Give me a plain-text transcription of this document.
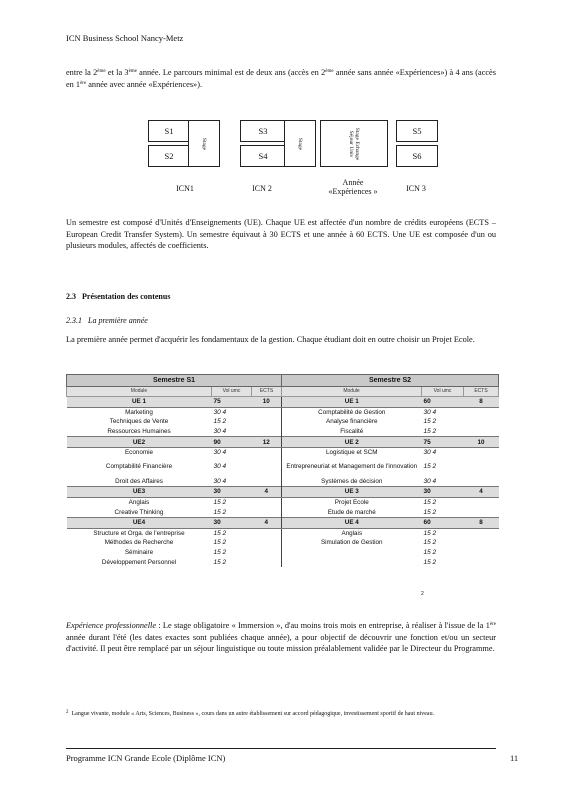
ICN Business School Nancy-Metz
entre la 2ème et la 3ème année. Le parcours minimal est de deux ans (accès en 2ème année sans année «Expériences») à 4 ans (accès en 1ère année avec année «Expériences»).
S1
S2
Stage
S3
S4
Stage	Stage Echange Séjour Univ	S5
S6
ICN1	ICN 2
Année
«Expériences »	ICN 3
Un semestre est composé d'Unités d'Enseignements (UE). Chaque UE est affectée d'un nombre de crédits européens (ECTS – European Credit Transfer System). Un semestre équivaut à 30 ECTS et une année à 60 ECTS. Une UE est composée d'un ou plusieurs modules, affectés de coefficients.
2.3 Présentation des contenus
2.3.1 La première année
La première année permet d'acquérir les fondamentaux de la gestion. Chaque étudiant doit en outre choisir un Projet Ecole.
Semestre S1			Semestre S2		
Module	Vol umc	ECTS	Module	Vol umc	ECTS
UE 1	75	10	UE 1	60	8
Marketing	30 4		Comptabilité de Gestion	30 4	
Techniques de Vente	15 2		Analyse financière	15 2	
Ressources Humaines	30 4		Fiscalité	15 2	
UE2	90	12	UE 2	75	10
Economie	30 4		Logistique et SCM	30 4	
Comptabilité Financière	30 4		Entrepreneuriat et Management de l'innovation	15 2	
Droit des Affaires	30 4		Systèmes de décision	30 4	
UE3	30	4	UE 3	30	4
Anglais	15 2		Projet Ecole	15 2	
Creative Thinking	15 2		Etude de marché	15 2	
UE4	30	4	UE 4	60	8
Structure et Orga. de l'entreprise	15 2		Anglais	15 2	
Méthodes de Recherche	15 2		Simulation de Gestion	15 2	
Séminaire	15 2			15 2	
Développement Personnel	15 2			15 2	
2
Expérience professionnelle : Le stage obligatoire « Immersion », d'au moins trois mois en entreprise, à réaliser à l'issue de la 1ère année durant l'été (les dates exactes sont publiées chaque année), a pour objectif de découvrir une fonction et/ou un secteur d'activité. Il peut être remplacé par un séjour linguistique ou toute mission préalablement validée par le Directeur du Programme.
$^2$ Langue vivante, module « Arts, Sciences, Business », cours dans un autre établissement sur accord pédagogique, investissement sportif de haut niveau.
Programme ICN Grande Ecole (Diplôme ICN)	11
